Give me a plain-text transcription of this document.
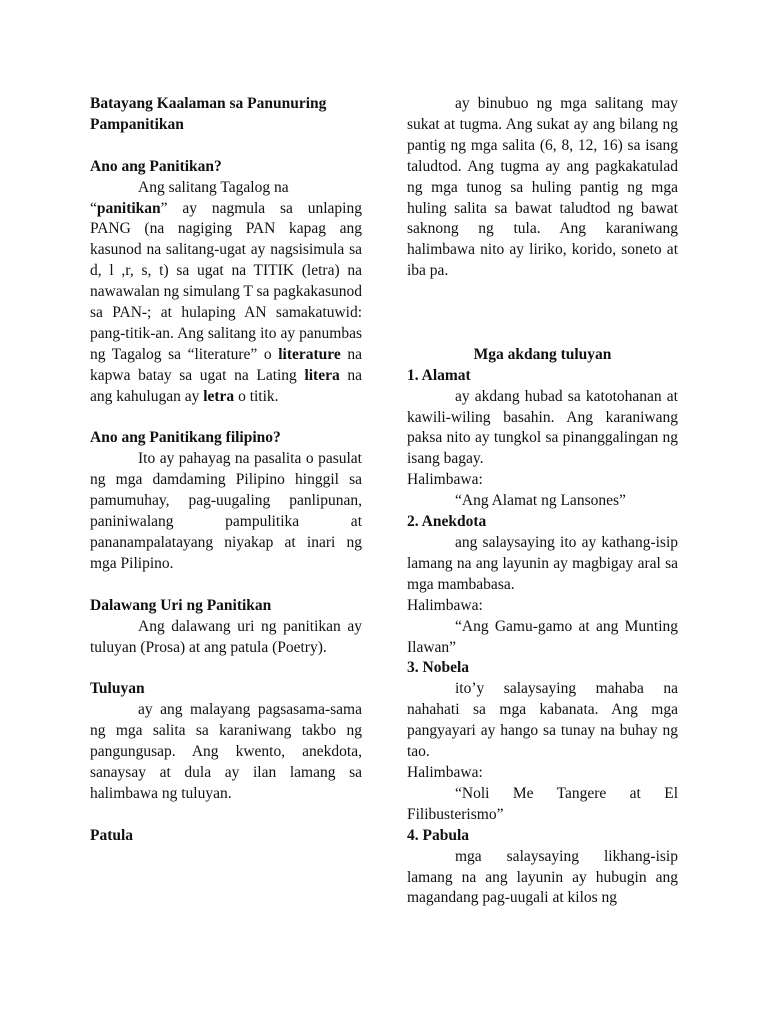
Batayang Kaalaman sa Panunuring Pampanitikan

Ano ang Panitikan?

Ang salitang Tagalog na
“panitikan” ay nagmula sa unlaping PANG (na nagiging PAN kapag ang kasunod na salitang-ugat ay nagsisimula sa d, l ,r, s, t) sa ugat na TITIK (letra) na nawawalan ng simulang T sa pagkakasunod sa PAN-; at hulaping AN samakatuwid: pang-titik-an. Ang salitang ito ay panumbas ng Tagalog sa “literature” o literature na kapwa batay sa ugat na Lating litera na ang kahulugan ay letra o titik.

Ano ang Panitikang filipino?

Ito ay pahayag na pasalita o pasulat ng mga damdaming Pilipino hinggil sa pamumuhay, pag-uugaling panlipunan, paniniwalang pampulitika at pananampalatayang niyakap at inari ng mga Pilipino.

Dalawang Uri ng Panitikan

Ang dalawang uri ng panitikan ay tuluyan (Prosa) at ang patula (Poetry).

Tuluyan

ay ang malayang pagsasama-sama ng mga salita sa karaniwang takbo ng pangungusap. Ang kwento, anekdota, sanaysay at dula ay ilan lamang sa halimbawa ng tuluyan.

Patula

ay binubuo ng mga salitang may sukat at tugma. Ang sukat ay ang bilang ng pantig ng mga salita (6, 8, 12, 16) sa isang taludtod. Ang tugma ay ang pagkakatulad ng mga tunog sa huling pantig ng mga huling salita sa bawat taludtod ng bawat saknong ng tula. Ang karaniwang halimbawa nito ay liriko, korido, soneto at iba pa.

Mga akdang tuluyan

1. Alamat

ay akdang hubad sa katotohanan at kawili-wiling basahin. Ang karaniwang paksa nito ay tungkol sa pinanggalingan ng isang bagay.

Halimbawa:

“Ang Alamat ng Lansones”

2. Anekdota

ang salaysaying ito ay kathang-isip lamang na ang layunin ay magbigay aral sa mga mambabasa.

Halimbawa:

“Ang Gamu-gamo at ang Munting Ilawan”

3. Nobela

ito’y salaysaying mahaba na nahahati sa mga kabanata. Ang mga pangyayari ay hango sa tunay na buhay ng tao.

Halimbawa:

“Noli Me Tangere at El Filibusterismo”

4. Pabula

mga salaysaying likhang-isip lamang na ang layunin ay hubugin ang magandang pag-uugali at kilos ng
